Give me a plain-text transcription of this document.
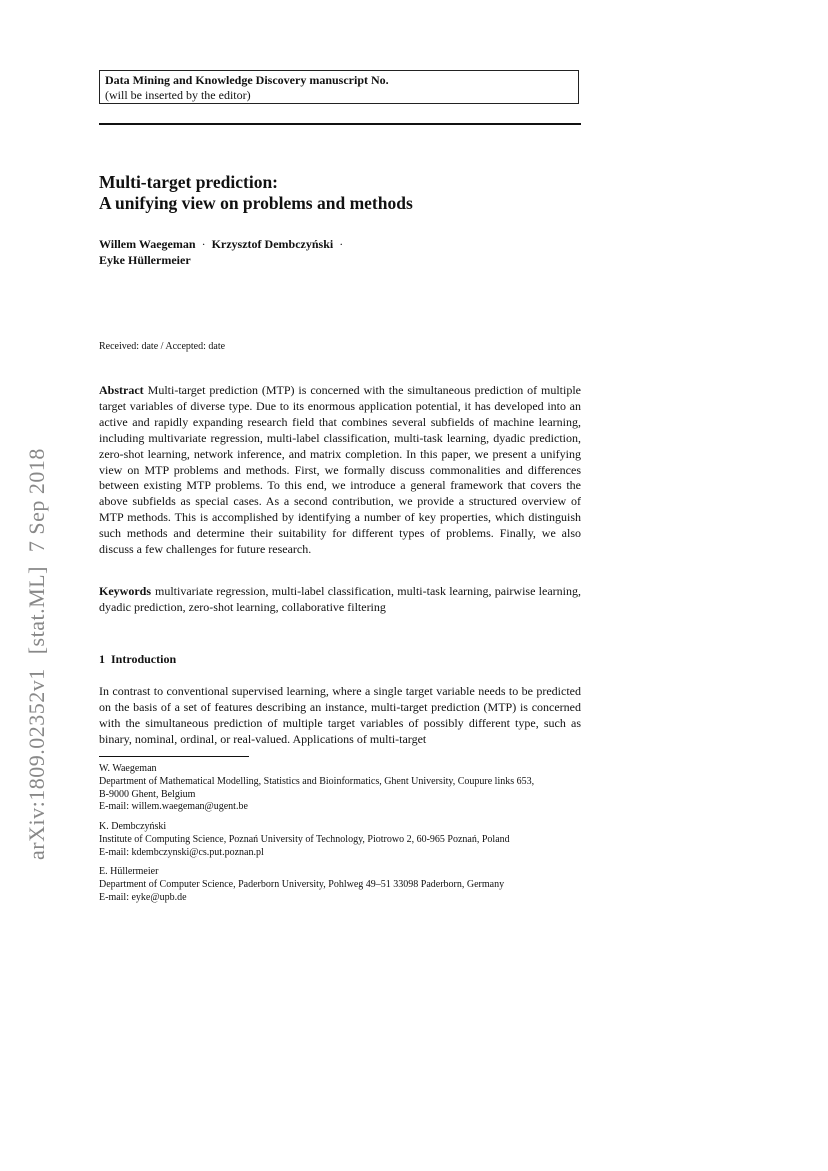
Data Mining and Knowledge Discovery manuscript No.
(will be inserted by the editor)
Multi-target prediction:
A unifying view on problems and methods
Willem Waegeman · Krzysztof Dembczyński ·
Eyke Hüllermeier
Received: date / Accepted: date

Abstract Multi-target prediction (MTP) is concerned with the simultaneous prediction of multiple target variables of diverse type. Due to its enormous application potential, it has developed into an active and rapidly expanding research field that combines several subfields of machine learning, including multivariate regression, multi-label classification, multi-task learning, dyadic prediction, zero-shot learning, network inference, and matrix completion. In this paper, we present a unifying view on MTP problems and methods. First, we formally discuss commonalities and differences between existing MTP problems. To this end, we introduce a general framework that covers the above subfields as special cases. As a second contribution, we provide a structured overview of MTP methods. This is accomplished by identifying a number of key properties, which distinguish such methods and determine their suitability for different types of problems. Finally, we also discuss a few challenges for future research.

Keywords multivariate regression, multi-label classification, multi-task learning, pairwise learning, dyadic prediction, zero-shot learning, collaborative filtering

1 Introduction

In contrast to conventional supervised learning, where a single target variable needs to be predicted on the basis of a set of features describing an instance, multi-target prediction (MTP) is concerned with the simultaneous prediction of multiple target variables of possibly different type, such as binary, nominal, ordinal, or real-valued. Applications of multi-target

W. Waegeman
Department of Mathematical Modelling, Statistics and Bioinformatics, Ghent University, Coupure links 653,
B-9000 Ghent, Belgium
E-mail: willem.waegeman@ugent.be
K. Dembczyński
Institute of Computing Science, Poznań University of Technology, Piotrowo 2, 60-965 Poznań, Poland
E-mail: kdembczynski@cs.put.poznan.pl
E. Hüllermeier
Department of Computer Science, Paderborn University, Pohlweg 49–51 33098 Paderborn, Germany
E-mail: eyke@upb.de
arXiv:1809.02352v1[stat.ML]7 Sep 2018
